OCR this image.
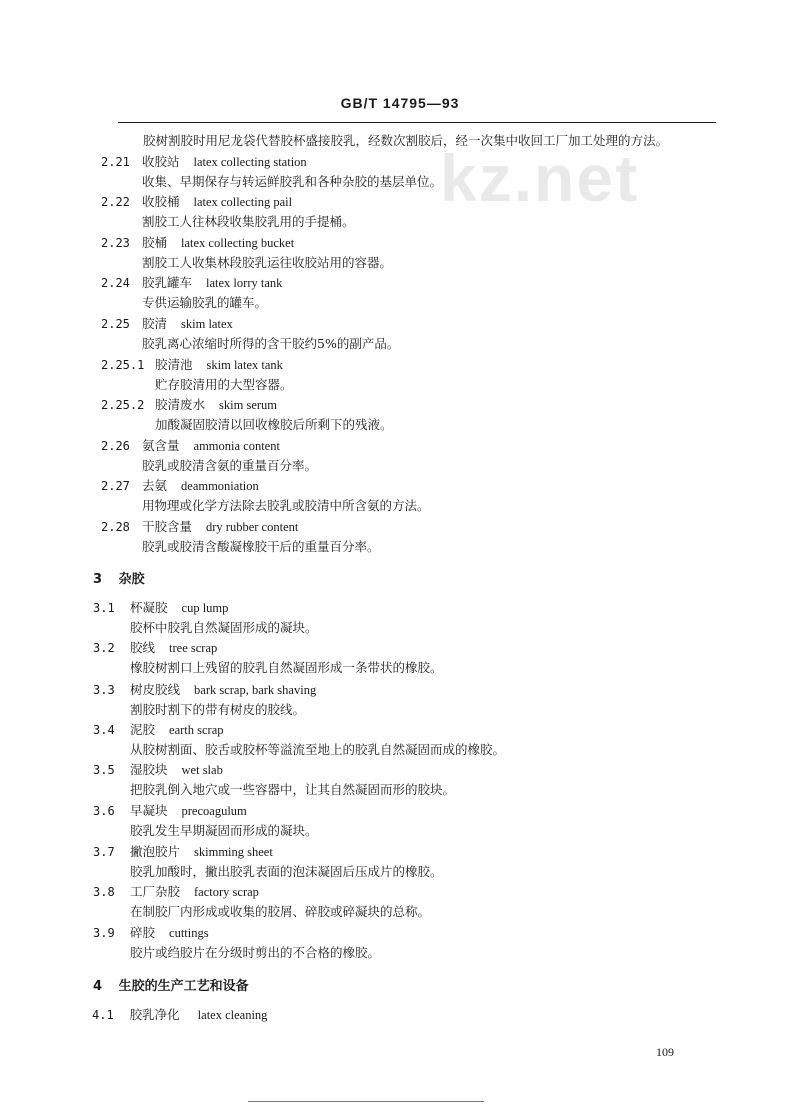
kz.net
GB/T 14795—93
胶树割胶时用尼龙袋代替胶杯盛接胶乳，经数次割胶后，经一次集中收回工厂加工处理的方法。
2.21 收胶站 latex collecting station
收集、早期保存与转运鲜胶乳和各种杂胶的基层单位。
2.22 收胶桶 latex collecting pail
割胶工人往林段收集胶乳用的手提桶。
2.23 胶桶 latex collecting bucket
割胶工人收集林段胶乳运往收胶站用的容器。
2.24 胶乳罐车 latex lorry tank
专供运输胶乳的罐车。
2.25 胶清 skim latex
胶乳离心浓缩时所得的含干胶约5%的副产品。
2.25.1 胶清池 skim latex tank
贮存胶清用的大型容器。
2.25.2 胶清废水 skim serum
加酸凝固胶清以回收橡胶后所剩下的残液。
2.26 氨含量 ammonia content
胶乳或胶清含氨的重量百分率。
2.27 去氨 deammoniation
用物理或化学方法除去胶乳或胶清中所含氨的方法。
2.28 干胶含量 dry rubber content
胶乳或胶清含酸凝橡胶干后的重量百分率。
3 杂胶
3.1 杯凝胶 cup lump
胶杯中胶乳自然凝固形成的凝块。
3.2 胶线 tree scrap
橡胶树割口上残留的胶乳自然凝固形成一条带状的橡胶。
3.3 树皮胶线 bark scrap, bark shaving
割胶时割下的带有树皮的胶线。
3.4 泥胶 earth scrap
从胶树割面、胶舌或胶杯等溢流至地上的胶乳自然凝固而成的橡胶。
3.5 湿胶块 wet slab
把胶乳倒入地穴或一些容器中，让其自然凝固而形的胶块。
3.6 早凝块 precoagulum
胶乳发生早期凝固而形成的凝块。
3.7 撇泡胶片 skimming sheet
胶乳加酸时，撇出胶乳表面的泡沫凝固后压成片的橡胶。
3.8 工厂杂胶 factory scrap
在制胶厂内形成或收集的胶屑、碎胶或碎凝块的总称。
3.9 碎胶 cuttings
胶片或绉胶片在分级时剪出的不合格的橡胶。
4 生胶的生产工艺和设备
4.1 胶乳净化 latex cleaning
109
